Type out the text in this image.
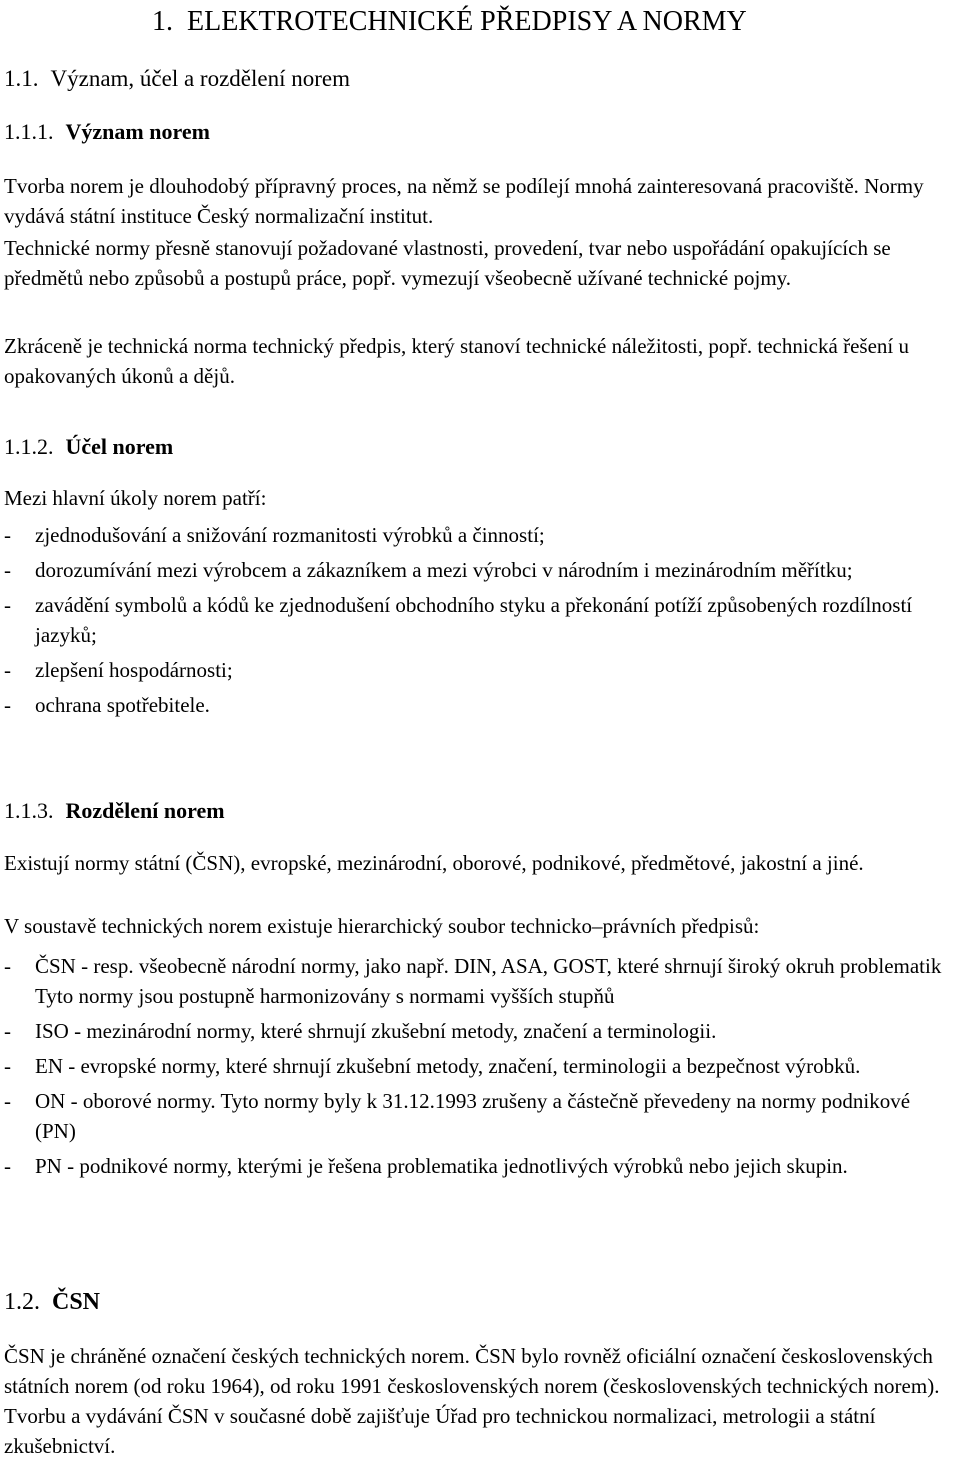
1. ELEKTROTECHNICKÉ PŘEDPISY A NORMY
1.1. Význam, účel a rozdělení norem
1.1.1. Význam norem

Tvorba norem je dlouhodobý přípravný proces, na němž se podílejí mnohá zainteresovaná pracoviště. Normy vydává státní instituce Český normalizační institut.

Technické normy přesně stanovují požadované vlastnosti, provedení, tvar nebo uspořádání opakujících se předmětů nebo způsobů a postupů práce, popř. vymezují všeobecně užívané technické pojmy.

Zkráceně je technická norma technický předpis, který stanoví technické náležitosti, popř. technická řešení u opakovaných úkonů a dějů.

1.1.2. Účel norem

Mezi hlavní úkoly norem patří:

- zjednodušování a snižování rozmanitosti výrobků a činností;
- dorozumívání mezi výrobcem a zákazníkem a mezi výrobci v národním i mezinárodním měřítku;
- zavádění symbolů a kódů ke zjednodušení obchodního styku a překonání potíží způsobených rozdílností jazyků;
- zlepšení hospodárnosti;
- ochrana spotřebitele.
1.1.3. Rozdělení norem

Existují normy státní (ČSN), evropské, mezinárodní, oborové, podnikové, předmětové, jakostní a jiné.

V soustavě technických norem existuje hierarchický soubor technicko–právních předpisů:

- ČSN - resp. všeobecně národní normy, jako např. DIN, ASA, GOST, které shrnují široký okruh problematik Tyto normy jsou postupně harmonizovány s normami vyšších stupňů
- ISO - mezinárodní normy, které shrnují zkušební metody, značení a terminologii.
- EN - evropské normy, které shrnují zkušební metody, značení, terminologii a bezpečnost výrobků.
- ON - oborové normy. Tyto normy byly k 31.12.1993 zrušeny a částečně převedeny na normy podnikové (PN)
- PN - podnikové normy, kterými je řešena problematika jednotlivých výrobků nebo jejich skupin.
1.2. ČSN

ČSN je chráněné označení českých technických norem. ČSN bylo rovněž oficiální označení československých státních norem (od roku 1964), od roku 1991 československých norem (československých technických norem). Tvorbu a vydávání ČSN v současné době zajišťuje Úřad pro technickou normalizaci, metrologii a státní zkušebnictví.
